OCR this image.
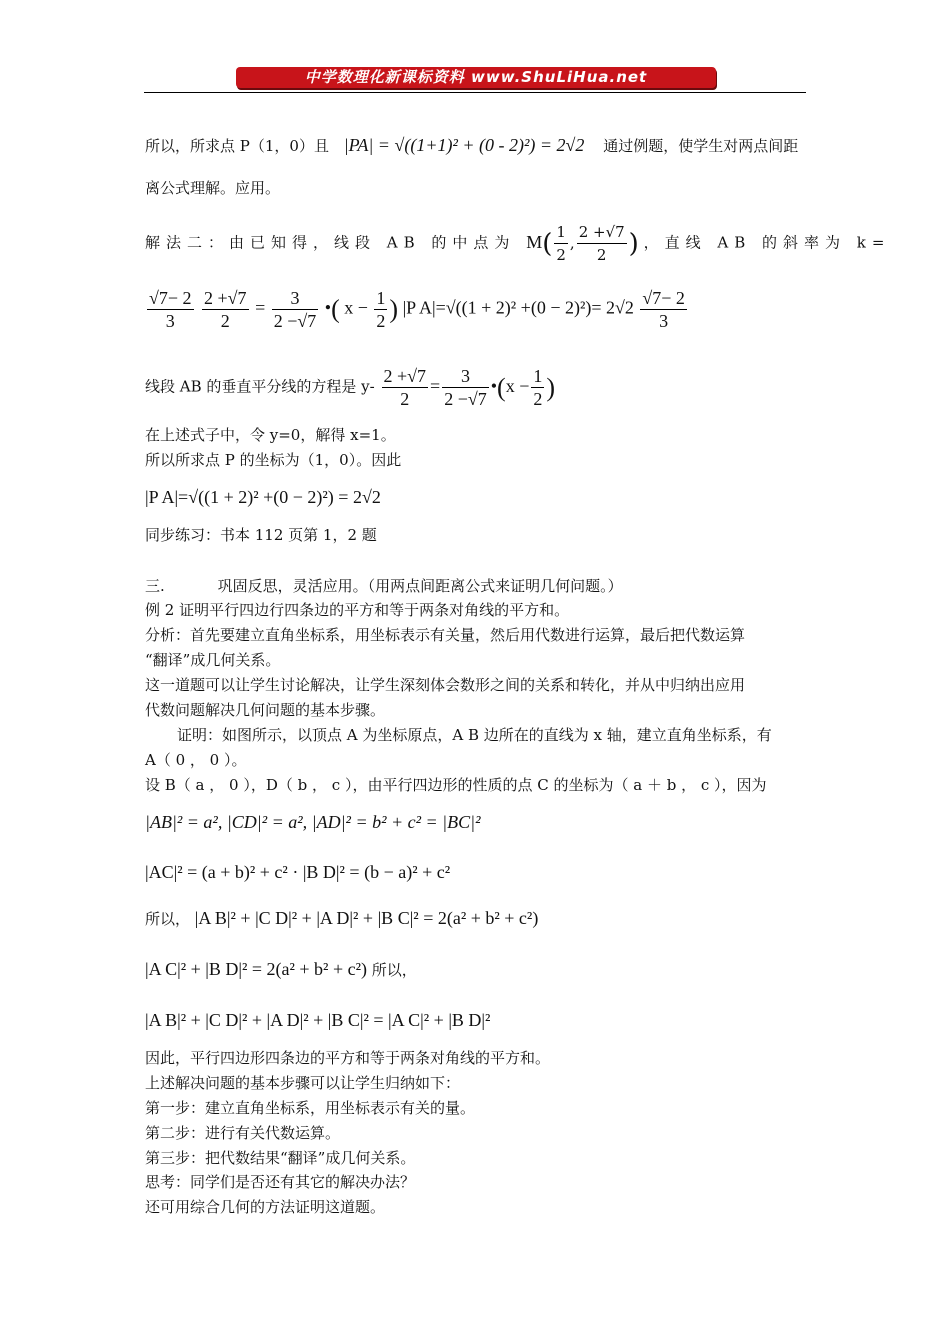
中学数理化新课标资料 www.ShuLiHua.net
所以，所求点 P（1，0）且 |PA| = √((1+1)² + (0 - 2)²) = 2√2 通过例题，使学生对两点间距
离公式理解。应用。
解法二：由已知得，线段 AB 的中点为 $M( \frac{1}{2}$ , $\frac{2 +√7}{2}$ ) ，直线 AB 的斜率为 k=
$\frac{√7- 2}{3}$
$\frac{2 +√7}{2} = \frac{3}{2 -√7}$ •( $x - \frac{1}{2}$ ) |P $A|=√((1 + 2)^2 +(0 - 2)^2)= 2√2 \frac{√7- 2}{3}$
线段 AB 的垂直平分线的方程是 $y- \frac{2 +√7}{2} = \frac{3}{2 -√7}$ •(x − $\frac{1}{2}$ )
在上述式子中，令 y=0，解得 x=1。
所以所求点 P 的坐标为（1，0）。因此
|P A|=√((1 + 2)² +(0 − 2)²) = 2√2
同步练习：书本 112 页第 1，2 题
三.	巩固反思，灵活应用。（用两点间距离公式来证明几何问题。）
例 2 证明平行四边行四条边的平方和等于两条对角线的平方和。
分析：首先要建立直角坐标系，用坐标表示有关量，然后用代数进行运算，最后把代数运算
“翻译”成几何关系。
这一道题可以让学生讨论解决，让学生深刻体会数形之间的关系和转化，并从中归纳出应用
代数问题解决几何问题的基本步骤。
证明：如图所示，以顶点 A 为坐标原点，A B 边所在的直线为 x 轴，建立直角坐标系，有
A（ 0 ， 0 ）。
设 B（ a ， 0 ），D（ b ， c ），由平行四边形的性质的点 C 的坐标为（ a ＋ b ， c ），因为
|AB|² = a², |CD|² = a², |AD|² = b² + c² = |BC|²
|AC|² = (a + b)² + c² · |B D|² = (b − a)² + c²
所以， |A B|² + |C D|² + |A D|² + |B C|² = 2(a² + b² + c²)
|A C|² + |B D|² = 2(a² + b² + c²) 所以，
|A B|² + |C D|² + |A D|² + |B C|² = |A C|² + |B D|²
因此，平行四边形四条边的平方和等于两条对角线的平方和。
上述解决问题的基本步骤可以让学生归纳如下：
第一步：建立直角坐标系，用坐标表示有关的量。
第二步：进行有关代数运算。
第三步：把代数结果“翻译”成几何关系。
思考：同学们是否还有其它的解决办法？
还可用综合几何的方法证明这道题。
